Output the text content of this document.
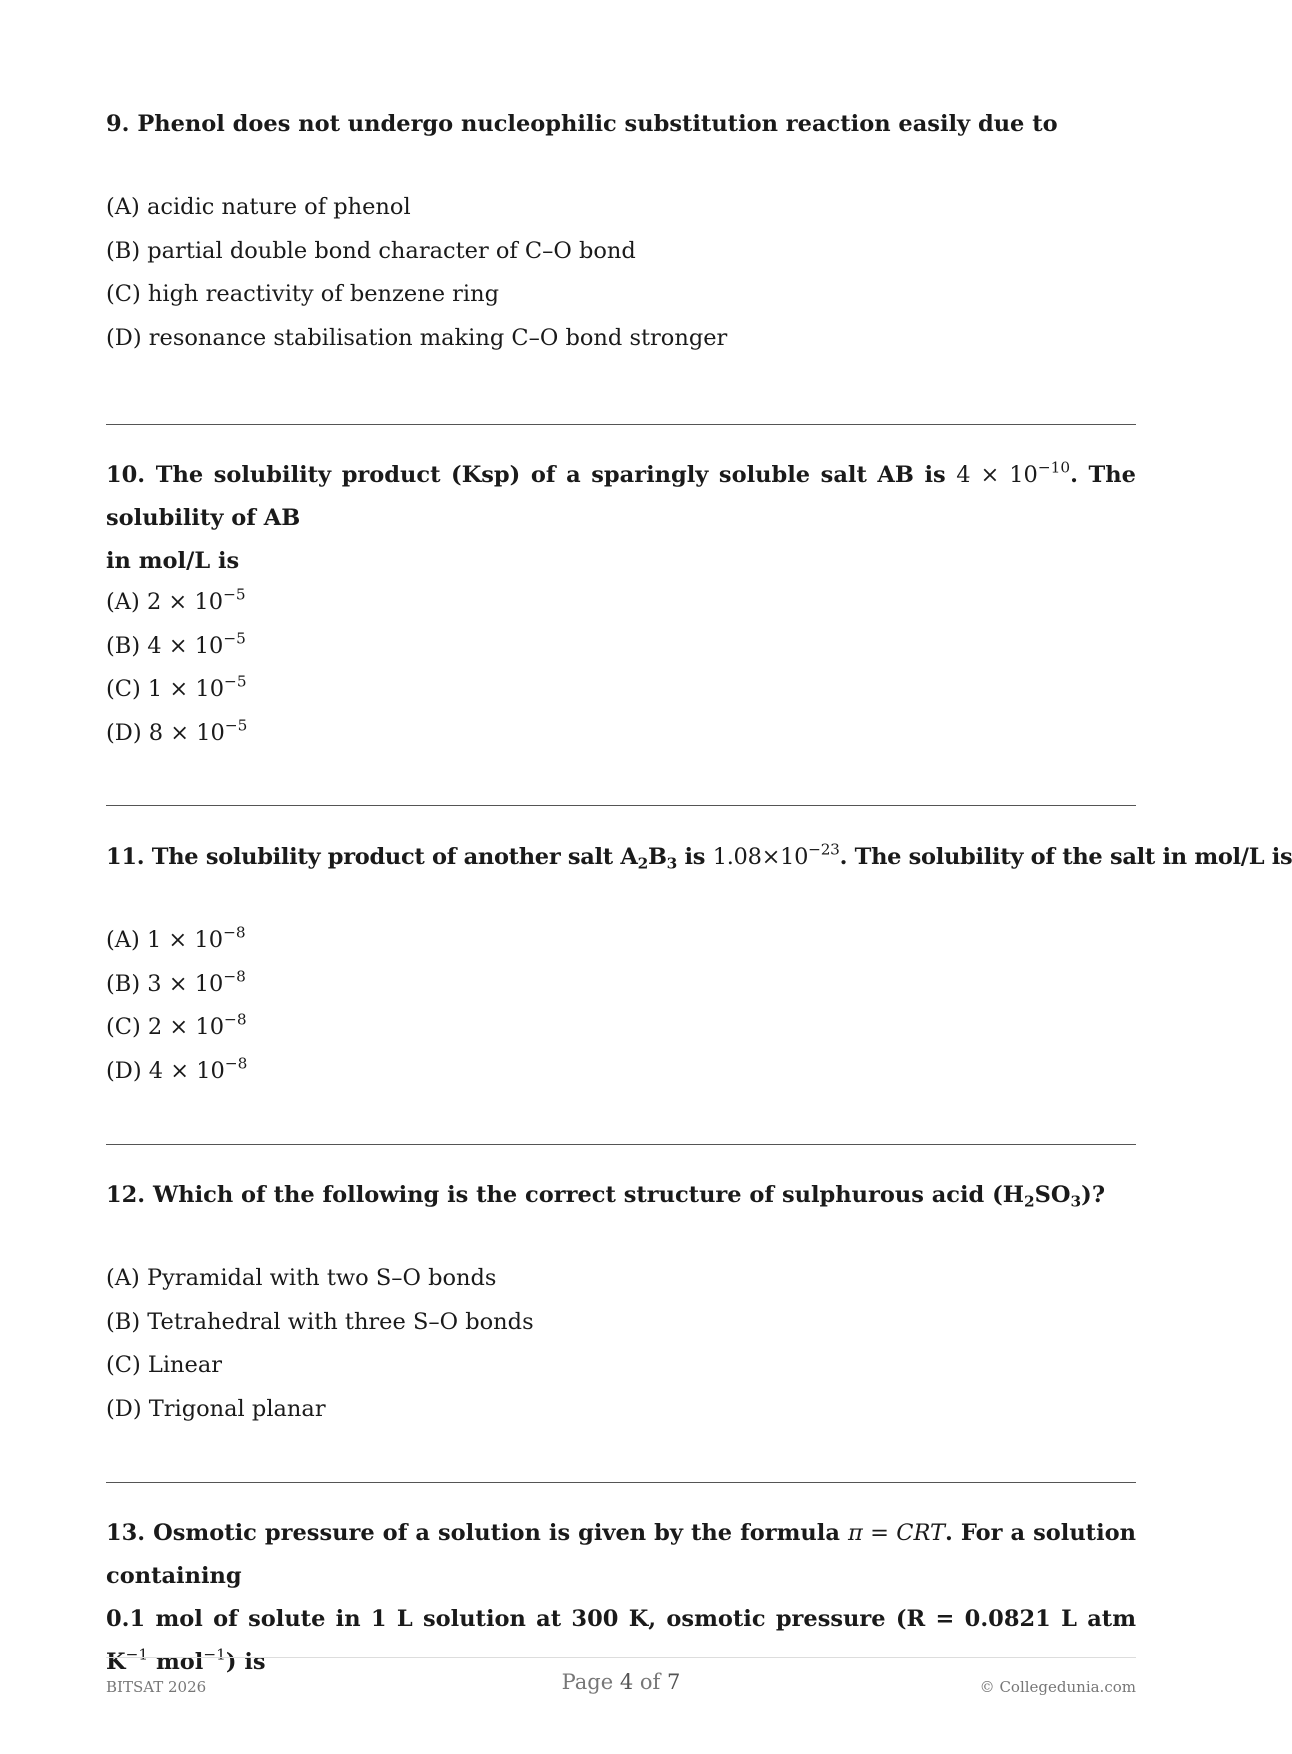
9. Phenol does not undergo nucleophilic substitution reaction easily due to

(A) acidic nature of phenol
(B) partial double bond character of C–O bond
(C) high reactivity of benzene ring
(D) resonance stabilisation making C–O bond stronger

10. The solubility product (Ksp) of a sparingly soluble salt AB is $4 \times 10^{-10}$. The solubility of AB
in mol/L is

(A) $2 \times 10^{-5}$
(B) $4 \times 10^{-5}$
(C) $1 \times 10^{-5}$
(D) $8 \times 10^{-5}$

11. The solubility product of another salt $A_2B_3$ is $1.08\times 10^{-23}$. The solubility of the salt in mol/L is

(A) $1 \times 10^{-8}$
(B) $3 \times 10^{-8}$
(C) $2 \times 10^{-8}$
(D) $4 \times 10^{-8}$

12. Which of the following is the correct structure of sulphurous acid $(H_2SO_3)$?

(A) Pyramidal with two S–O bonds
(B) Tetrahedral with three S–O bonds
(C) Linear
(D) Trigonal planar

13. Osmotic pressure of a solution is given by the formula π = CRT. For a solution containing
0.1 mol of solute in 1 L solution at 300 K, osmotic pressure (R = 0.0821 L atm $K^{-1}$ mol$^{-1}$) is

BITSAT 2026	Page 4 of 7	© Collegedunia.com
